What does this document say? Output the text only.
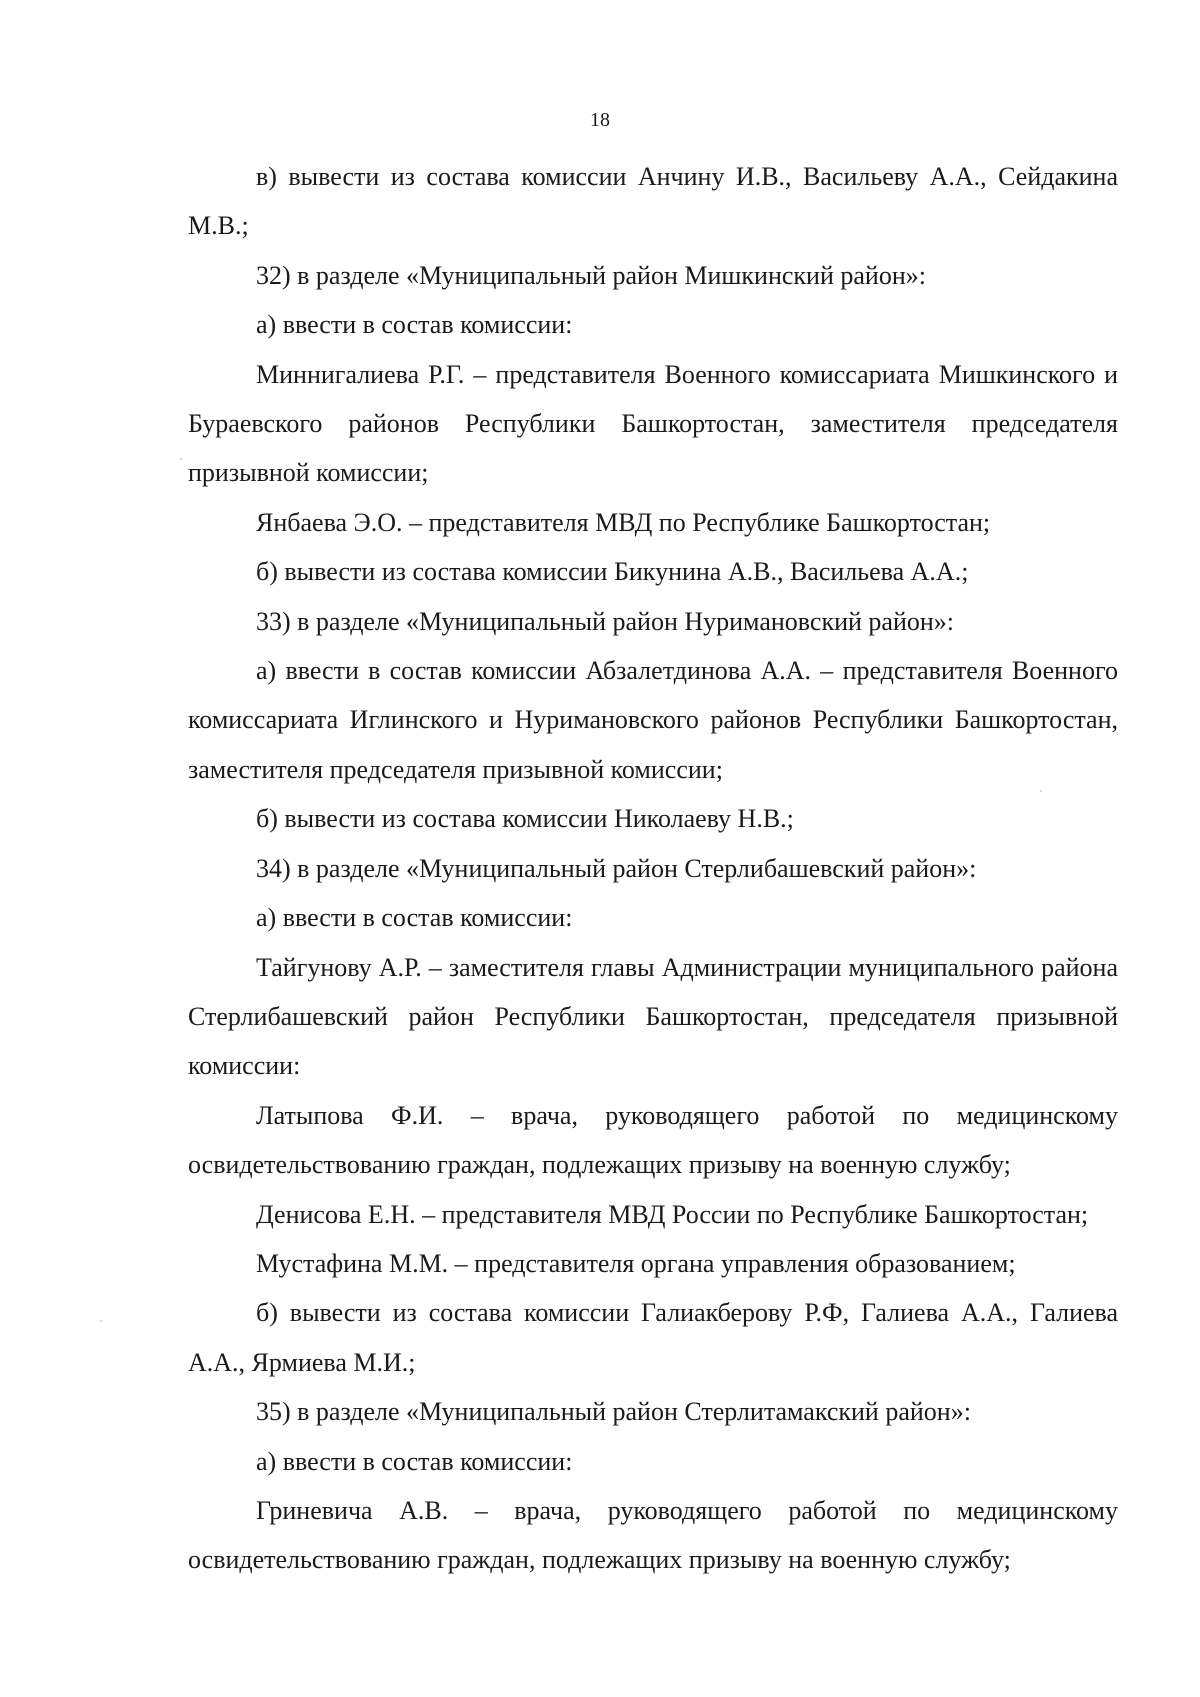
18

в) вывести из состава комиссии Анчину И.В., Васильеву А.А., Сейдакина М.В.;

32) в разделе «Муниципальный район Мишкинский район»:

а) ввести в состав комиссии:

Миннигалиева Р.Г. – представителя Военного комиссариата Мишкинского и Бураевского районов Республики Башкортостан, заместителя председателя призывной комиссии;

Янбаева Э.О. – представителя МВД по Республике Башкортостан;

б) вывести из состава комиссии Бикунина А.В., Васильева А.А.;

33) в разделе «Муниципальный район Нуримановский район»:

а) ввести в состав комиссии Абзалетдинова А.А. – представителя Военного комиссариата Иглинского и Нуримановского районов Республики Башкортостан, заместителя председателя призывной комиссии;

б) вывести из состава комиссии Николаеву Н.В.;

34) в разделе «Муниципальный район Стерлибашевский район»:

а) ввести в состав комиссии:

Тайгунову А.Р. – заместителя главы Администрации муниципального района Стерлибашевский район Республики Башкортостан, председателя призывной комиссии:

Латыпова Ф.И. – врача, руководящего работой по медицинскому освидетельствованию граждан, подлежащих призыву на военную службу;

Денисова Е.Н. – представителя МВД России по Республике Башкортостан;

Мустафина М.М. – представителя органа управления образованием;

б) вывести из состава комиссии Галиакберову Р.Ф, Галиева А.А., Галиева А.А., Ярмиева М.И.;

35) в разделе «Муниципальный район Стерлитамакский район»:

а) ввести в состав комиссии:

Гриневича А.В. – врача, руководящего работой по медицинскому освидетельствованию граждан, подлежащих призыву на военную службу;
